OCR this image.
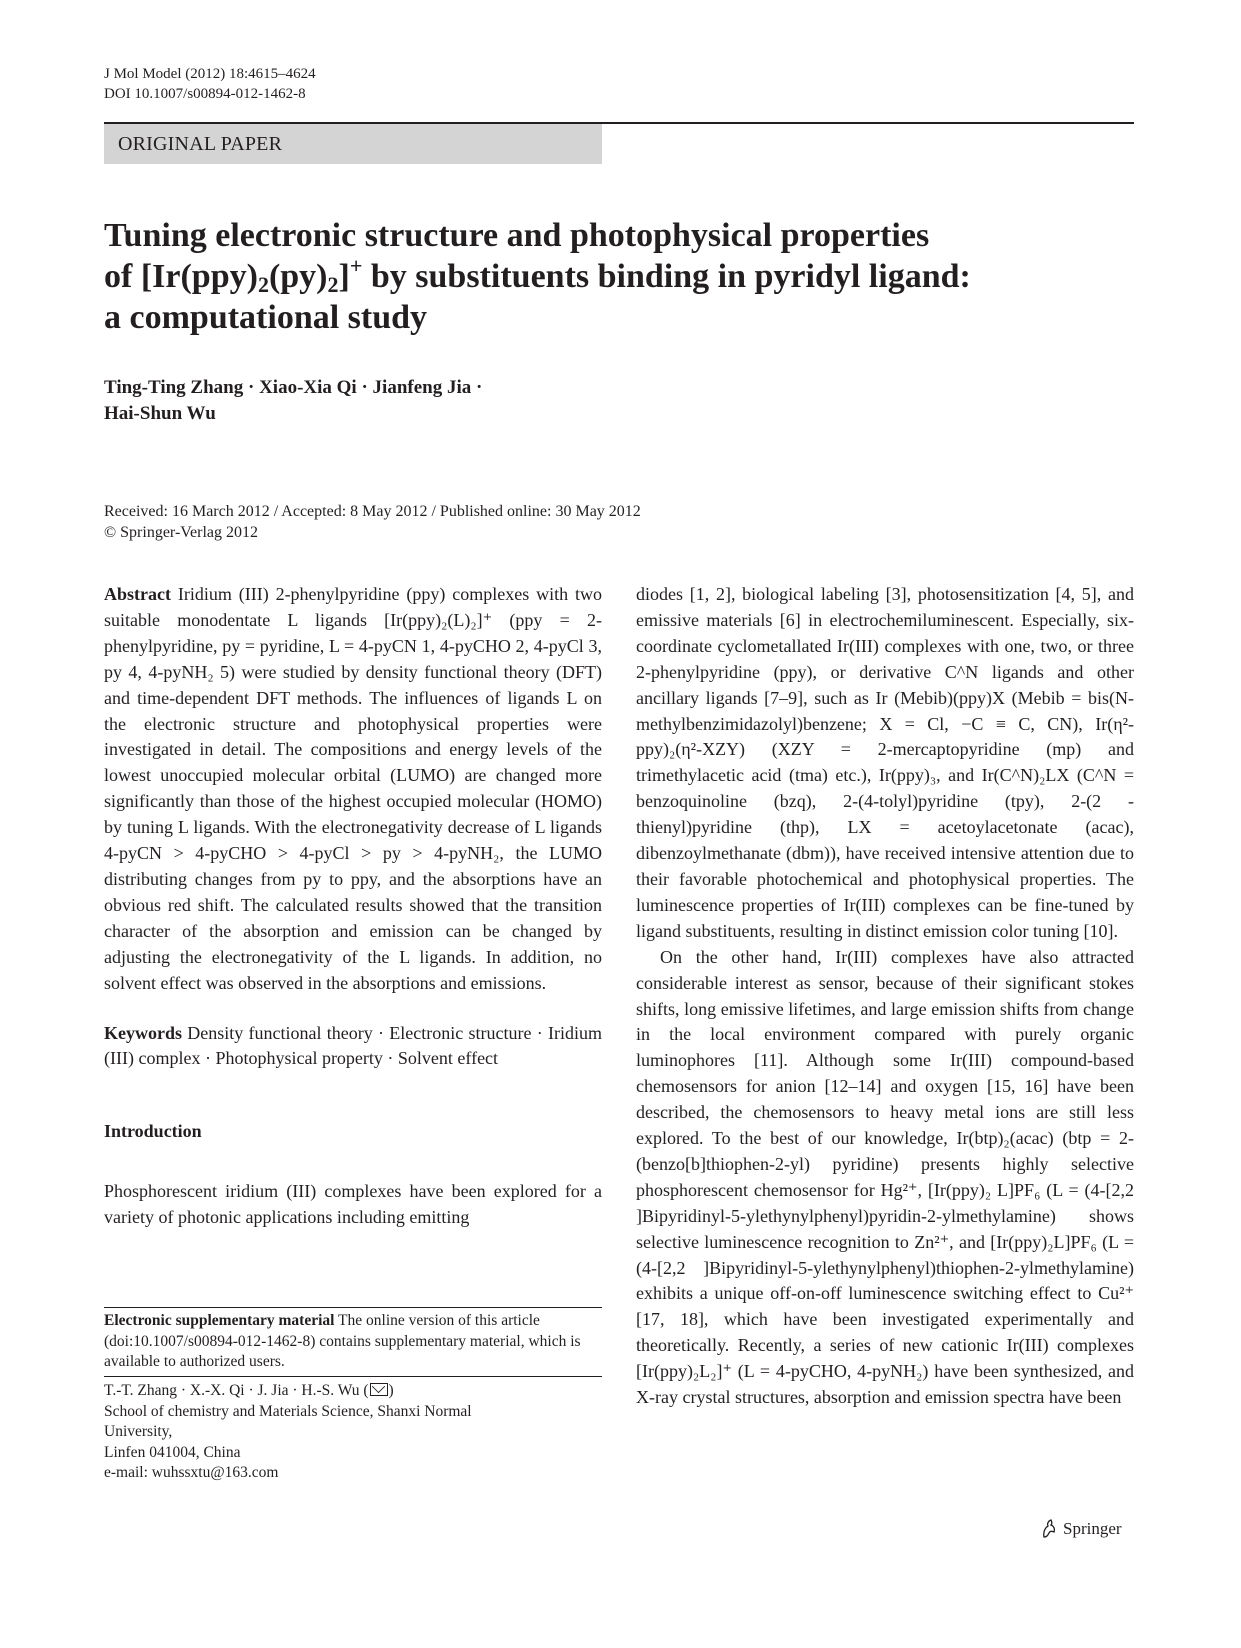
J Mol Model (2012) 18:4615–4624
DOI 10.1007/s00894-012-1462-8
ORIGINAL PAPER
Tuning electronic structure and photophysical properties
of $[Ir(ppy)_2(py)_2]^+$ by substituents binding in pyridyl ligand:
a computational study
Ting-Ting Zhang · Xiao-Xia Qi · Jianfeng Jia ·
Hai-Shun Wu
Received: 16 March 2012 / Accepted: 8 May 2012 / Published online: 30 May 2012
© Springer-Verlag 2012

Abstract Iridium (III) 2-phenylpyridine (ppy) complexes with two suitable monodentate L ligands [Ir(ppy)₂(L)₂]⁺ (ppy = 2-phenylpyridine, py = pyridine, L = 4-pyCN 1, 4-pyCHO 2, 4-pyCl 3, py 4, 4-pyNH₂ 5) were studied by density functional theory (DFT) and time-dependent DFT methods. The influences of ligands L on the electronic structure and photophysical properties were investigated in detail. The compositions and energy levels of the lowest unoccupied molecular orbital (LUMO) are changed more significantly than those of the highest occupied molecular (HOMO) by tuning L ligands. With the electronegativity decrease of L ligands 4-pyCN > 4-pyCHO > 4-pyCl > py > 4-pyNH₂, the LUMO distributing changes from py to ppy, and the absorptions have an obvious red shift. The calculated results showed that the transition character of the absorption and emission can be changed by adjusting the electronegativity of the L ligands. In addition, no solvent effect was observed in the absorptions and emissions.

Keywords Density functional theory · Electronic structure · Iridium (III) complex · Photophysical property · Solvent effect

Introduction

Phosphorescent iridium (III) complexes have been explored for a variety of photonic applications including emitting

Electronic supplementary material The online version of this article (doi:10.1007/s00894-012-1462-8) contains supplementary material, which is available to authorized users.
T.-T. Zhang · X.-X. Qi · J. Jia · H.-S. Wu ( )
School of chemistry and Materials Science, Shanxi Normal
University,
Linfen 041004, China
e-mail: wuhssxtu@163.com

diodes [1, 2], biological labeling [3], photosensitization [4, 5], and emissive materials [6] in electrochemiluminescent. Especially, six-coordinate cyclometallated Ir(III) complexes with one, two, or three 2-phenylpyridine (ppy), or derivative C^N ligands and other ancillary ligands [7–9], such as Ir (Mebib)(ppy)X (Mebib = bis(N-methylbenzimidazolyl)benzene; X = Cl, −C ≡ C, CN), Ir(η²-ppy)₂(η²-XZY) (XZY = 2-mercaptopyridine (mp) and trimethylacetic acid (tma) etc.), Ir(ppy)₃, and Ir(C^N)₂LX (C^N = benzoquinoline (bzq), 2-(4-tolyl)pyridine (tpy), 2-(2 -thienyl)pyridine (thp), LX = acetoylacetonate (acac), dibenzoylmethanate (dbm)), have received intensive attention due to their favorable photochemical and photophysical properties. The luminescence properties of Ir(III) complexes can be fine-tuned by ligand substituents, resulting in distinct emission color tuning [10].

On the other hand, Ir(III) complexes have also attracted considerable interest as sensor, because of their significant stokes shifts, long emissive lifetimes, and large emission shifts from change in the local environment compared with purely organic luminophores [11]. Although some Ir(III) compound-based chemosensors for anion [12–14] and oxygen [15, 16] have been described, the chemosensors to heavy metal ions are still less explored. To the best of our knowledge, Ir(btp)₂(acac) (btp = 2-(benzo[b]thiophen-2-yl) pyridine) presents highly selective phosphorescent chemosensor for Hg²⁺, [Ir(ppy)₂ L]PF₆ (L = (4-[2,2 ]Bipyridinyl-5-ylethynylphenyl)pyridin-2-ylmethylamine) shows selective luminescence recognition to Zn²⁺, and [Ir(ppy)₂L]PF₆ (L = (4-[2,2 ]Bipyridinyl-5-ylethynylphenyl)thiophen-2-ylmethylamine) exhibits a unique off-on-off luminescence switching effect to Cu²⁺ [17, 18], which have been investigated experimentally and theoretically. Recently, a series of new cationic Ir(III) complexes [Ir(ppy)₂L₂]⁺ (L = 4-pyCHO, 4-pyNH₂) have been synthesized, and X-ray crystal structures, absorption and emission spectra have been

Springer
